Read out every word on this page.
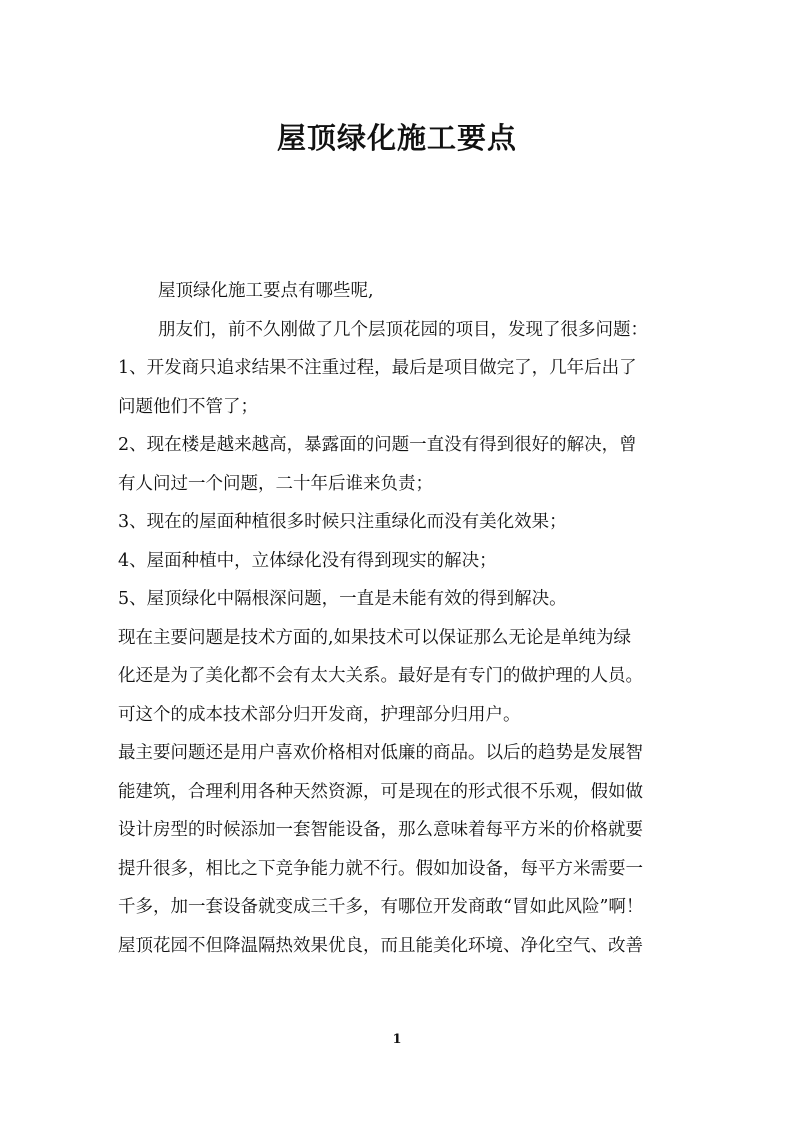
屋顶绿化施工要点

屋顶绿化施工要点有哪些呢,

朋友们，前不久刚做了几个层顶花园的项目，发现了很多问题：

1、开发商只追求结果不注重过程，最后是项目做完了，几年后出了

问题他们不管了；

2、现在楼是越来越高，暴露面的问题一直没有得到很好的解决，曾

有人问过一个问题，二十年后谁来负责；

3、现在的屋面种植很多时候只注重绿化而没有美化效果；

4、屋面种植中，立体绿化没有得到现实的解决；

5、屋顶绿化中隔根深问题，一直是未能有效的得到解决。

现在主要问题是技术方面的,如果技术可以保证那么无论是单纯为绿

化还是为了美化都不会有太大关系。最好是有专门的做护理的人员。

可这个的成本技术部分归开发商，护理部分归用户。

最主要问题还是用户喜欢价格相对低廉的商品。以后的趋势是发展智

能建筑，合理利用各种天然资源，可是现在的形式很不乐观，假如做

设计房型的时候添加一套智能设备，那么意味着每平方米的价格就要

提升很多，相比之下竞争能力就不行。假如加设备，每平方米需要一

千多，加一套设备就变成三千多，有哪位开发商敢“冒如此风险”啊！

屋顶花园不但降温隔热效果优良，而且能美化环境、净化空气、改善

1
